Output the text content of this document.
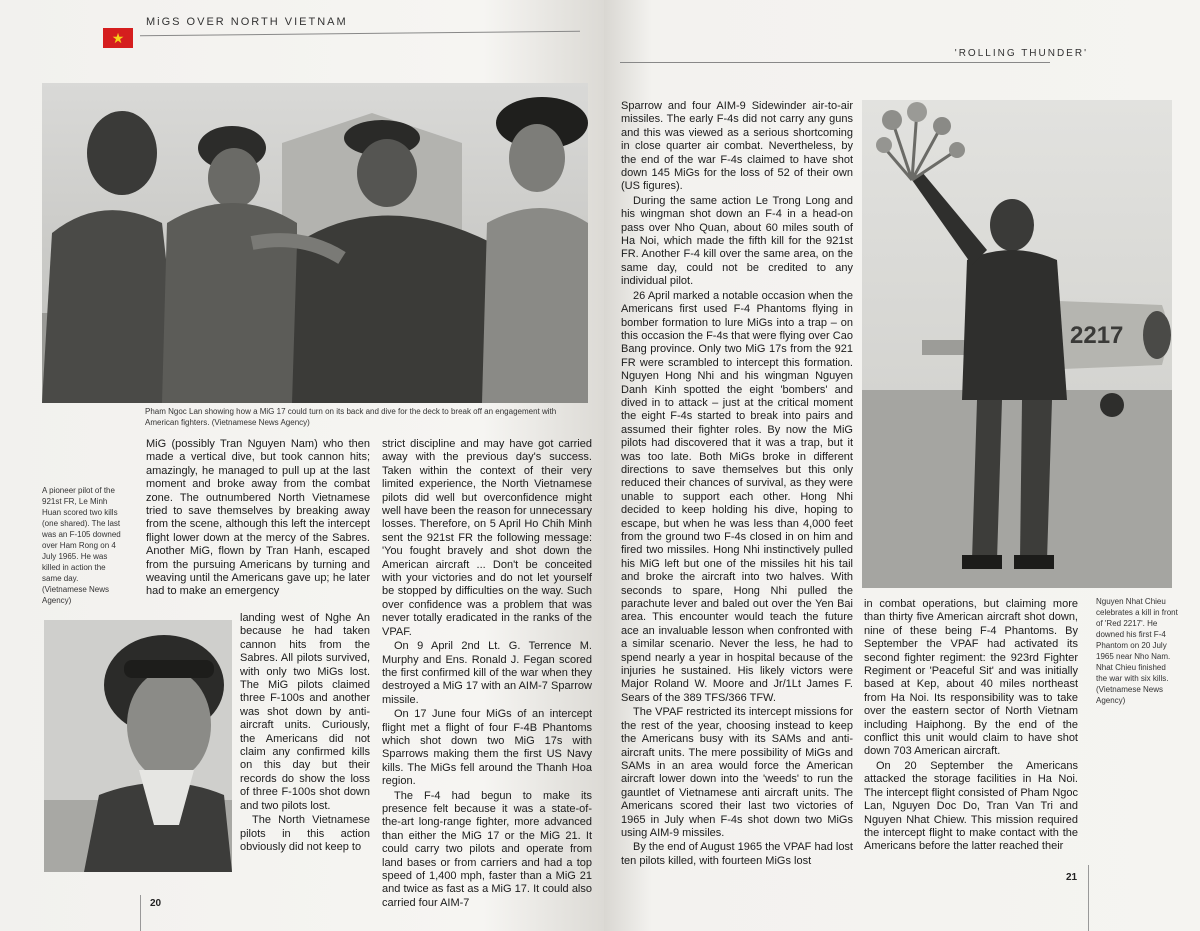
★
MiGS OVER NORTH VIETNAM
Pham Ngoc Lan showing how a MiG 17 could turn on its back and dive for the deck to break off an engagement with American fighters. (Vietnamese News Agency)
A pioneer pilot of the 921st FR, Le Minh Huan scored two kills (one shared). The last was an F-105 downed over Ham Rong on 4 July 1965. He was killed in action the same day. (Vietnamese News Agency)

MiG (possibly Tran Nguyen Nam) who then made a vertical dive, but took cannon hits; amazingly, he managed to pull up at the last moment and broke away from the combat zone. The outnumbered North Vietnamese tried to save themselves by breaking away from the scene, although this left the intercept flight lower down at the mercy of the Sabres. Another MiG, flown by Tran Hanh, escaped from the pursuing Americans by turning and weaving until the Americans gave up; he later had to make an emergency

landing west of Nghe An because he had taken cannon hits from the Sabres. All pilots survived, with only two MiGs lost. The MiG pilots claimed three F-100s and another was shot down by anti-aircraft units. Curiously, the Americans did not claim any confirmed kills on this day but their records do show the loss of three F-100s shot down and two pilots lost.

The North Vietnamese pilots in this action obviously did not keep to

strict discipline and may have got carried away with the previous day's success. Taken within the context of their very limited experience, the North Vietnamese pilots did well but overconfidence might well have been the reason for unnecessary losses. Therefore, on 5 April Ho Chih Minh sent the 921st FR the following message: 'You fought bravely and shot down the American aircraft ... Don't be conceited with your victories and do not let yourself be stopped by difficulties on the way. Such over confidence was a problem that was never totally eradicated in the ranks of the VPAF.

On 9 April 2nd Lt. G. Terrence M. Murphy and Ens. Ronald J. Fegan scored the first confirmed kill of the war when they destroyed a MiG 17 with an AIM-7 Sparrow missile.

On 17 June four MiGs of an intercept flight met a flight of four F-4B Phantoms which shot down two MiG 17s with Sparrows making them the first US Navy kills. The MiGs fell around the Thanh Hoa region.

The F-4 had begun to make its presence felt because it was a state-of-the-art long-range fighter, more advanced than either the MiG 17 or the MiG 21. It could carry two pilots and operate from land bases or from carriers and had a top speed of 1,400 mph, faster than a MiG 21 and twice as fast as a MiG 17. It could also carried four AIM-7

20
'ROLLING THUNDER'

Sparrow and four AIM-9 Sidewinder air-to-air missiles. The early F-4s did not carry any guns and this was viewed as a serious shortcoming in close quarter air combat. Nevertheless, by the end of the war F-4s claimed to have shot down 145 MiGs for the loss of 52 of their own (US figures).

During the same action Le Trong Long and his wingman shot down an F-4 in a head-on pass over Nho Quan, about 60 miles south of Ha Noi, which made the fifth kill for the 921st FR. Another F-4 kill over the same area, on the same day, could not be credited to any individual pilot.

26 April marked a notable occasion when the Americans first used F-4 Phantoms flying in bomber formation to lure MiGs into a trap – on this occasion the F-4s that were flying over Cao Bang province. Only two MiG 17s from the 921 FR were scrambled to intercept this formation. Nguyen Hong Nhi and his wingman Nguyen Danh Kinh spotted the eight 'bombers' and dived in to attack – just at the critical moment the eight F-4s started to break into pairs and assumed their fighter roles. By now the MiG pilots had discovered that it was a trap, but it was too late. Both MiGs broke in different directions to save themselves but this only reduced their chances of survival, as they were unable to support each other. Hong Nhi decided to keep holding his dive, hoping to escape, but when he was less than 4,000 feet from the ground two F-4s closed in on him and fired two missiles. Hong Nhi instinctively pulled his MiG left but one of the missiles hit his tail and broke the aircraft into two halves. With seconds to spare, Hong Nhi pulled the parachute lever and baled out over the Yen Bai area. This encounter would teach the future ace an invaluable lesson when confronted with a similar scenario. Never the less, he had to spend nearly a year in hospital because of the injuries he sustained. His likely victors were Major Roland W. Moore and Jr/1Lt James F. Sears of the 389 TFS/366 TFW.

The VPAF restricted its intercept missions for the rest of the year, choosing instead to keep the Americans busy with its SAMs and anti-aircraft units. The mere possibility of MiGs and SAMs in an area would force the American aircraft lower down into the 'weeds' to run the gauntlet of Vietnamese anti aircraft units. The Americans scored their last two victories of 1965 in July when F-4s shot down two MiGs using AIM-9 missiles.

By the end of August 1965 the VPAF had lost ten pilots killed, with fourteen MiGs lost

2217
Nguyen Nhat Chieu celebrates a kill in front of 'Red 2217'. He downed his first F-4 Phantom on 20 July 1965 near Nho Nam. Nhat Chieu finished the war with six kills. (Vietnamese News Agency)

in combat operations, but claiming more than thirty five American aircraft shot down, nine of these being F-4 Phantoms. By September the VPAF had activated its second fighter regiment: the 923rd Fighter Regiment or 'Peaceful Sit' and was initially based at Kep, about 40 miles northeast from Ha Noi. Its responsibility was to take over the eastern sector of North Vietnam including Haiphong. By the end of the conflict this unit would claim to have shot down 703 American aircraft.

On 20 September the Americans attacked the storage facilities in Ha Noi. The intercept flight consisted of Pham Ngoc Lan, Nguyen Doc Do, Tran Van Tri and Nguyen Nhat Chiew. This mission required the intercept flight to make contact with the Americans before the latter reached their

21
